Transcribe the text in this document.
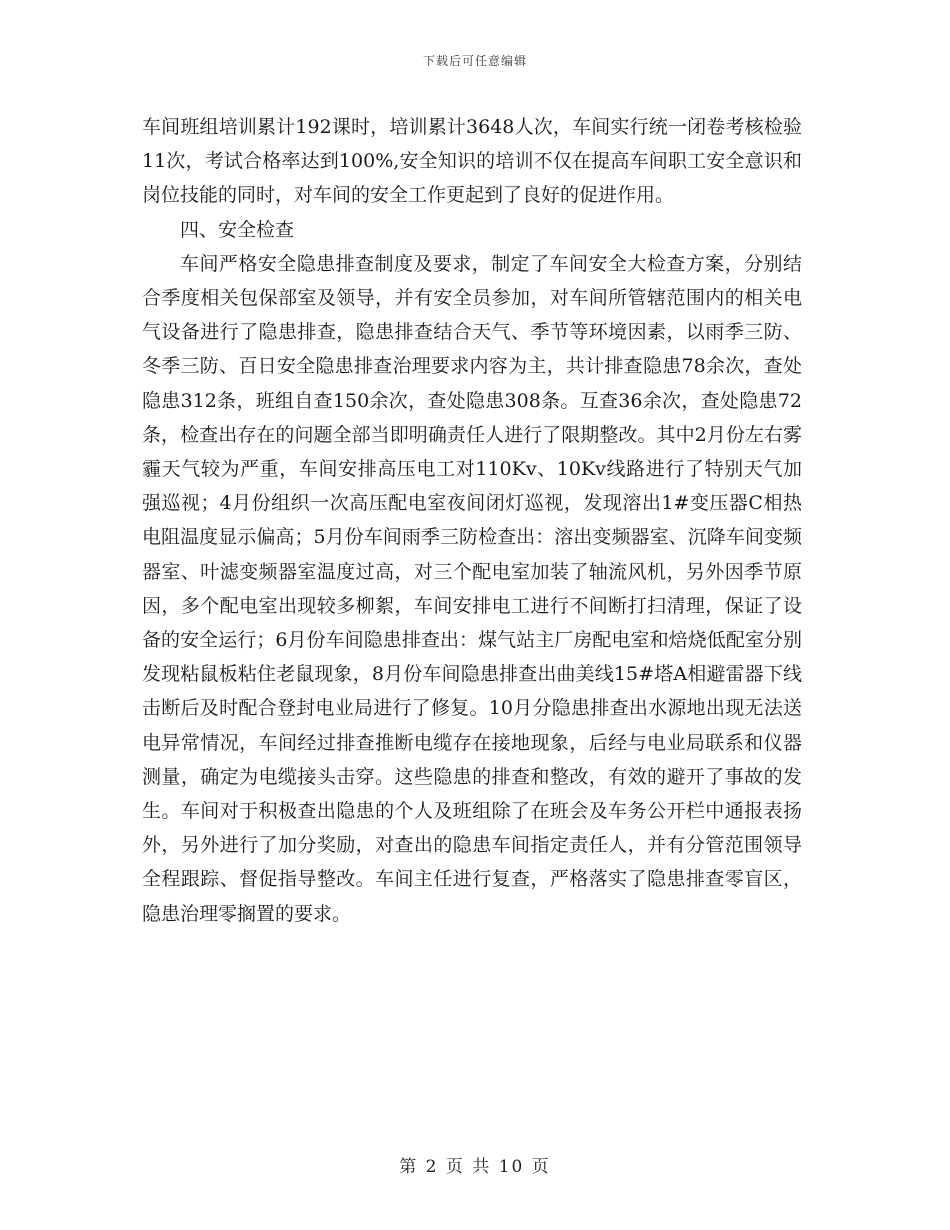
下载后可任意编辑

车间班组培训累计192课时，培训累计3648人次，车间实行统一闭卷考核检验11次，考试合格率达到100%,安全知识的培训不仅在提高车间职工安全意识和岗位技能的同时，对车间的安全工作更起到了良好的促进作用。

四、安全检查

车间严格安全隐患排查制度及要求，制定了车间安全大检查方案，分别结合季度相关包保部室及领导，并有安全员参加，对车间所管辖范围内的相关电气设备进行了隐患排查，隐患排查结合天气、季节等环境因素，以雨季三防、冬季三防、百日安全隐患排查治理要求内容为主，共计排查隐患78余次，查处隐患312条，班组自查150余次，查处隐患308条。互查36余次，查处隐患72条，检查出存在的问题全部当即明确责任人进行了限期整改。其中2月份左右雾霾天气较为严重，车间安排高压电工对110Kv、10Kv线路进行了特别天气加强巡视；4月份组织一次高压配电室夜间闭灯巡视，发现溶出1#变压器C相热电阻温度显示偏高；5月份车间雨季三防检查出：溶出变频器室、沉降车间变频器室、叶滤变频器室温度过高，对三个配电室加装了轴流风机，另外因季节原因，多个配电室出现较多柳絮，车间安排电工进行不间断打扫清理，保证了设备的安全运行；6月份车间隐患排查出：煤气站主厂房配电室和焙烧低配室分别发现粘鼠板粘住老鼠现象，8月份车间隐患排查出曲美线15#塔A相避雷器下线击断后及时配合登封电业局进行了修复。10月分隐患排查出水源地出现无法送电异常情况，车间经过排查推断电缆存在接地现象，后经与电业局联系和仪器测量，确定为电缆接头击穿。这些隐患的排查和整改，有效的避开了事故的发生。车间对于积极查出隐患的个人及班组除了在班会及车务公开栏中通报表扬外，另外进行了加分奖励，对查出的隐患车间指定责任人，并有分管范围领导全程跟踪、督促指导整改。车间主任进行复查，严格落实了隐患排查零盲区，隐患治理零搁置的要求。

第 2 页 共 10 页
